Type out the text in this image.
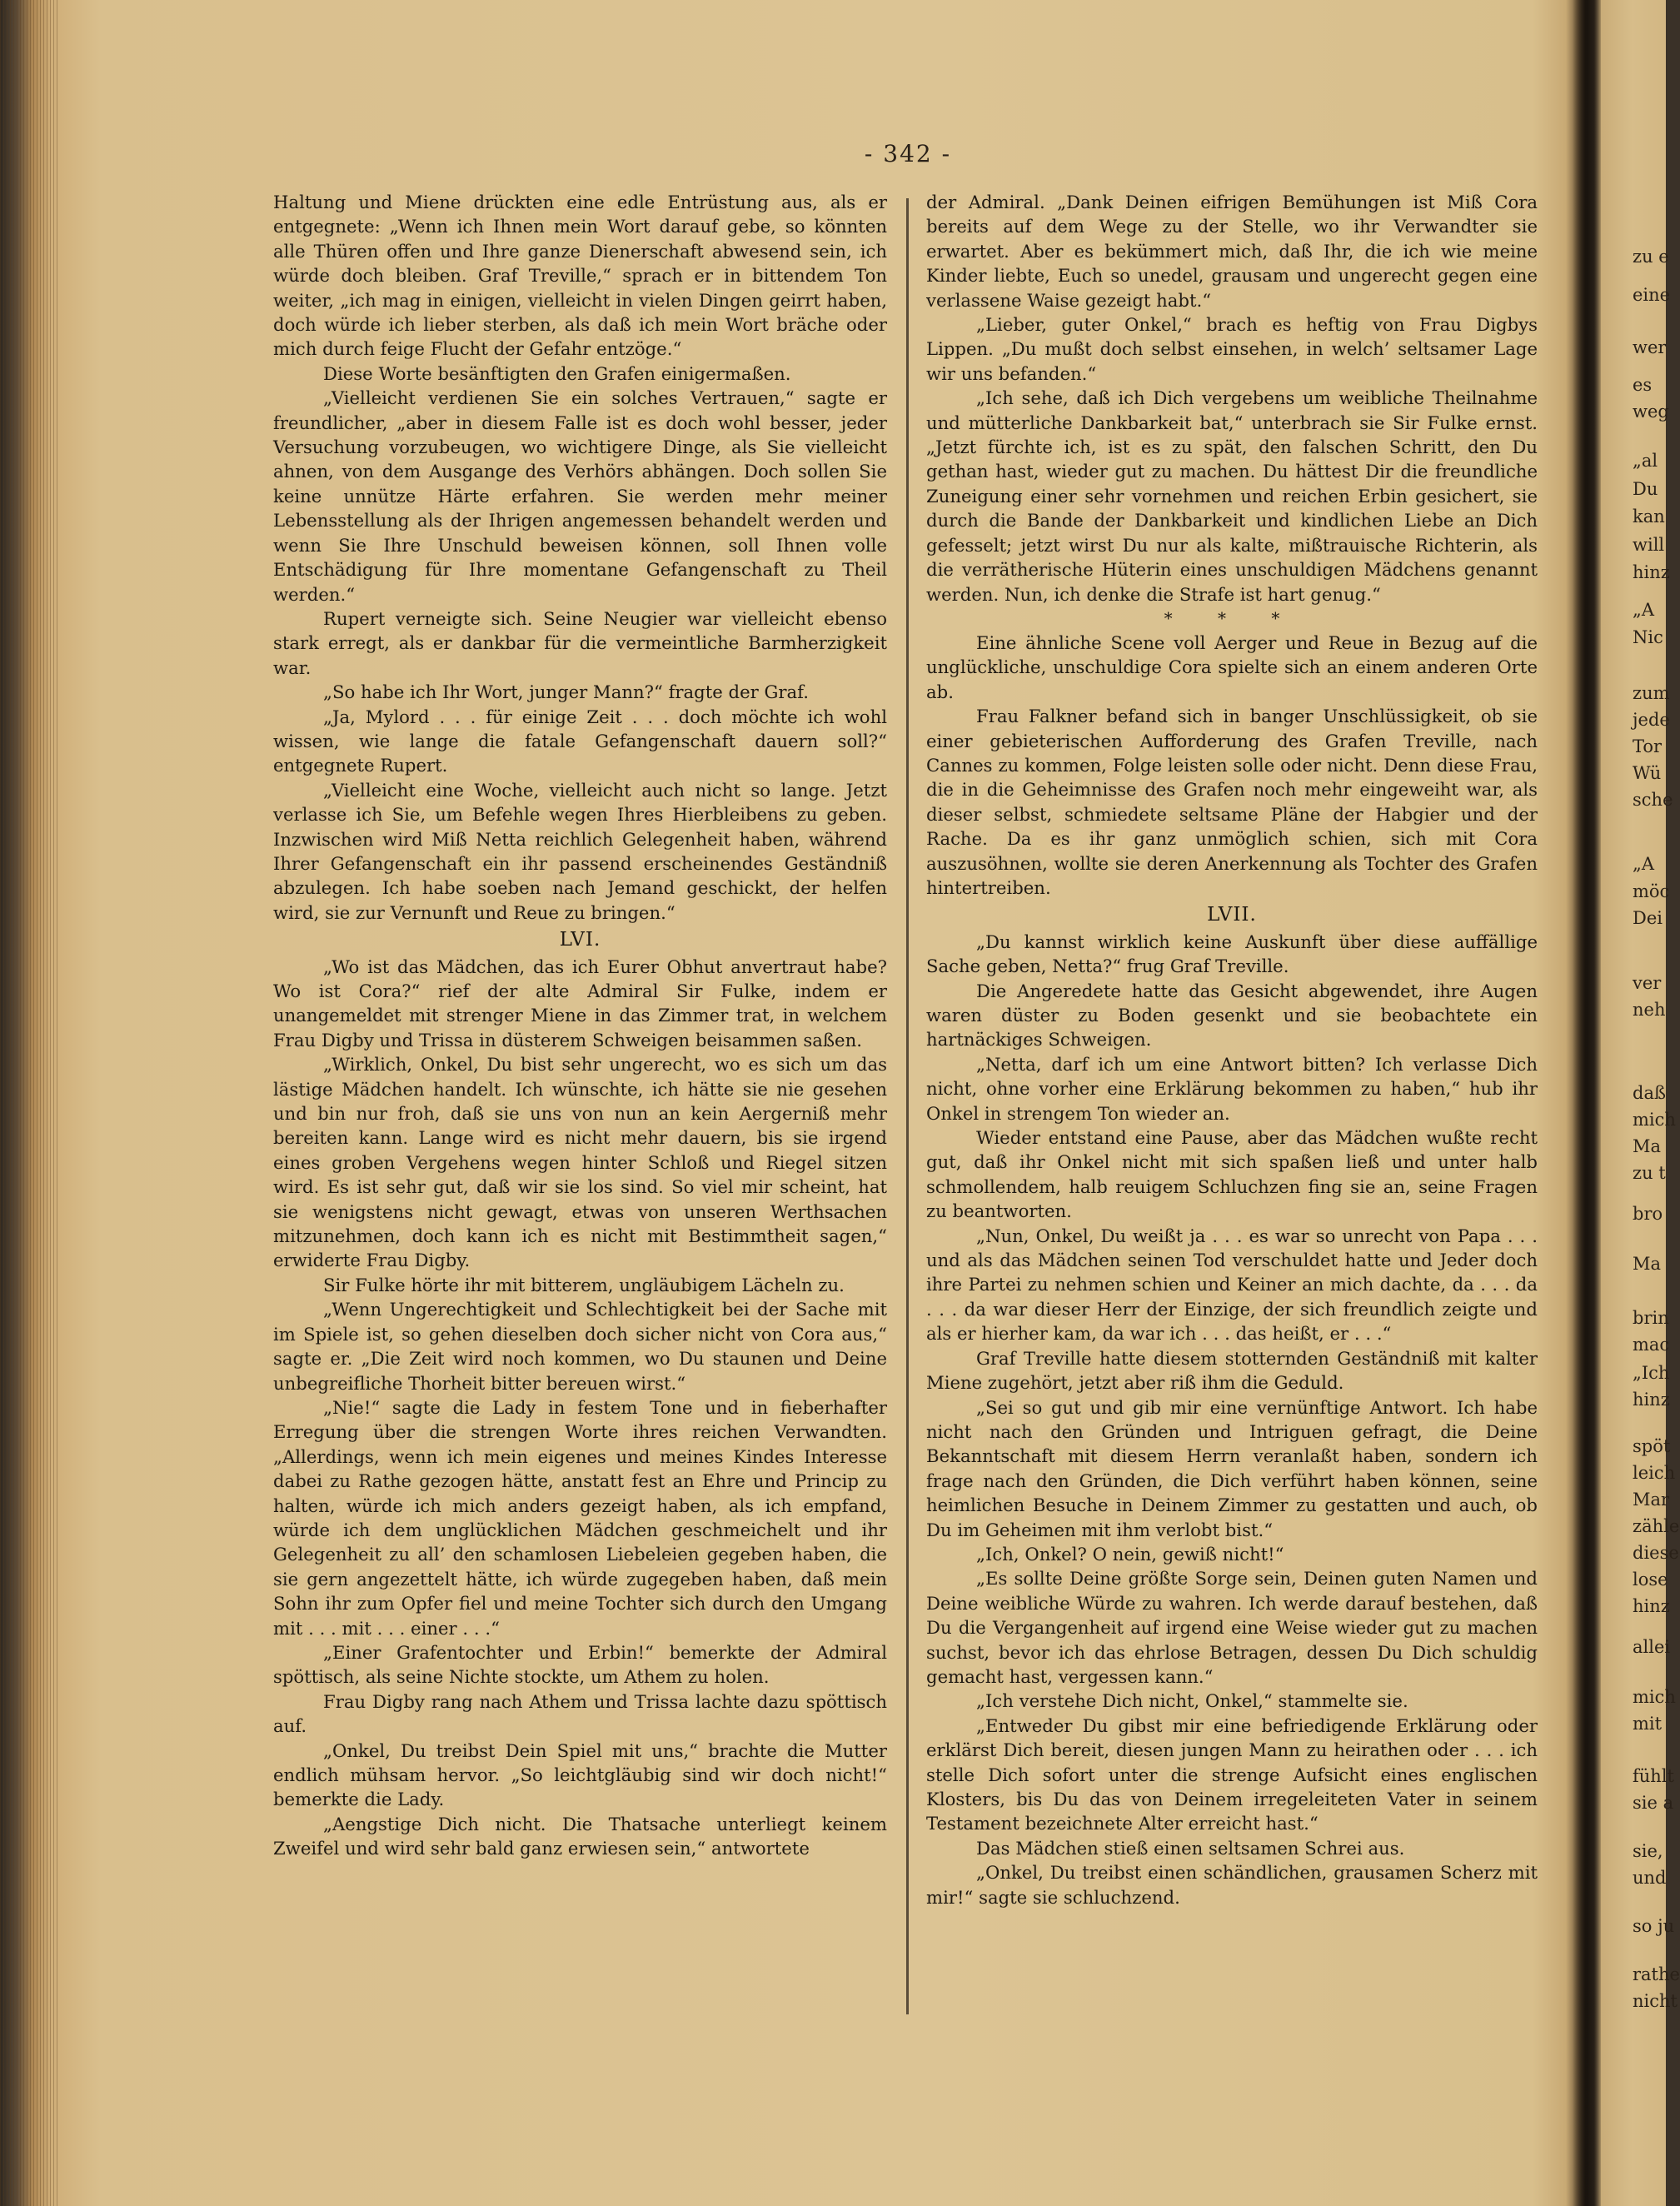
- 342 -

Haltung und Miene drückten eine edle Entrüstung aus, als er entgegnete: „Wenn ich Ihnen mein Wort darauf gebe, so könnten alle Thüren offen und Ihre ganze Dienerschaft abwesend sein, ich würde doch bleiben. Graf Treville,“ sprach er in bittendem Ton weiter, „ich mag in einigen, vielleicht in vielen Dingen geirrt haben, doch würde ich lieber sterben, als daß ich mein Wort bräche oder mich durch feige Flucht der Gefahr entzöge.“

Diese Worte besänftigten den Grafen einigermaßen.

„Vielleicht verdienen Sie ein solches Vertrauen,“ sagte er freundlicher, „aber in diesem Falle ist es doch wohl besser, jeder Versuchung vorzubeugen, wo wichtigere Dinge, als Sie vielleicht ahnen, von dem Ausgange des Verhörs abhängen. Doch sollen Sie keine unnütze Härte erfahren. Sie werden mehr meiner Lebensstellung als der Ihrigen angemessen behandelt werden und wenn Sie Ihre Unschuld beweisen können, soll Ihnen volle Entschädigung für Ihre momentane Gefangenschaft zu Theil werden.“

Rupert verneigte sich. Seine Neugier war vielleicht ebenso stark erregt, als er dankbar für die vermeintliche Barmherzigkeit war.

„So habe ich Ihr Wort, junger Mann?“ fragte der Graf.

„Ja, Mylord . . . für einige Zeit . . . doch möchte ich wohl wissen, wie lange die fatale Gefangenschaft dauern soll?“ entgegnete Rupert.

„Vielleicht eine Woche, vielleicht auch nicht so lange. Jetzt verlasse ich Sie, um Befehle wegen Ihres Hierbleibens zu geben. Inzwischen wird Miß Netta reichlich Gelegenheit haben, während Ihrer Gefangenschaft ein ihr passend erscheinendes Geständniß abzulegen. Ich habe soeben nach Jemand geschickt, der helfen wird, sie zur Vernunft und Reue zu bringen.“

LVI.

„Wo ist das Mädchen, das ich Eurer Obhut anvertraut habe? Wo ist Cora?“ rief der alte Admiral Sir Fulke, indem er unangemeldet mit strenger Miene in das Zimmer trat, in welchem Frau Digby und Trissa in düsterem Schweigen beisammen saßen.

„Wirklich, Onkel, Du bist sehr ungerecht, wo es sich um das lästige Mädchen handelt. Ich wünschte, ich hätte sie nie gesehen und bin nur froh, daß sie uns von nun an kein Aergerniß mehr bereiten kann. Lange wird es nicht mehr dauern, bis sie irgend eines groben Vergehens wegen hinter Schloß und Riegel sitzen wird. Es ist sehr gut, daß wir sie los sind. So viel mir scheint, hat sie wenigstens nicht gewagt, etwas von unseren Werthsachen mitzunehmen, doch kann ich es nicht mit Bestimmtheit sagen,“ erwiderte Frau Digby.

Sir Fulke hörte ihr mit bitterem, ungläubigem Lächeln zu.

„Wenn Ungerechtigkeit und Schlechtigkeit bei der Sache mit im Spiele ist, so gehen dieselben doch sicher nicht von Cora aus,“ sagte er. „Die Zeit wird noch kommen, wo Du staunen und Deine unbegreifliche Thorheit bitter bereuen wirst.“

„Nie!“ sagte die Lady in festem Tone und in fieberhafter Erregung über die strengen Worte ihres reichen Verwandten. „Allerdings, wenn ich mein eigenes und meines Kindes Interesse dabei zu Rathe gezogen hätte, anstatt fest an Ehre und Princip zu halten, würde ich mich anders gezeigt haben, als ich empfand, würde ich dem unglücklichen Mädchen geschmeichelt und ihr Gelegenheit zu all’ den schamlosen Liebeleien gegeben haben, die sie gern angezettelt hätte, ich würde zugegeben haben, daß mein Sohn ihr zum Opfer fiel und meine Tochter sich durch den Umgang mit . . . mit . . . einer . . .“

„Einer Grafentochter und Erbin!“ bemerkte der Admiral spöttisch, als seine Nichte stockte, um Athem zu holen.

Frau Digby rang nach Athem und Trissa lachte dazu spöttisch auf.

„Onkel, Du treibst Dein Spiel mit uns,“ brachte die Mutter endlich mühsam hervor. „So leichtgläubig sind wir doch nicht!“ bemerkte die Lady.

„Aengstige Dich nicht. Die Thatsache unterliegt keinem Zweifel und wird sehr bald ganz erwiesen sein,“ antwortete

der Admiral. „Dank Deinen eifrigen Bemühungen ist Miß Cora bereits auf dem Wege zu der Stelle, wo ihr Verwandter sie erwartet. Aber es bekümmert mich, daß Ihr, die ich wie meine Kinder liebte, Euch so unedel, grausam und ungerecht gegen eine verlassene Waise gezeigt habt.“

„Lieber, guter Onkel,“ brach es heftig von Frau Digbys Lippen. „Du mußt doch selbst einsehen, in welch’ seltsamer Lage wir uns befanden.“

„Ich sehe, daß ich Dich vergebens um weibliche Theilnahme und mütterliche Dankbarkeit bat,“ unterbrach sie Sir Fulke ernst. „Jetzt fürchte ich, ist es zu spät, den falschen Schritt, den Du gethan hast, wieder gut zu machen. Du hättest Dir die freundliche Zuneigung einer sehr vornehmen und reichen Erbin gesichert, sie durch die Bande der Dankbarkeit und kindlichen Liebe an Dich gefesselt; jetzt wirst Du nur als kalte, mißtrauische Richterin, als die verrätherische Hüterin eines unschuldigen Mädchens genannt werden. Nun, ich denke die Strafe ist hart genug.“

* * *

Eine ähnliche Scene voll Aerger und Reue in Bezug auf die unglückliche, unschuldige Cora spielte sich an einem anderen Orte ab.

Frau Falkner befand sich in banger Unschlüssigkeit, ob sie einer gebieterischen Aufforderung des Grafen Treville, nach Cannes zu kommen, Folge leisten solle oder nicht. Denn diese Frau, die in die Geheimnisse des Grafen noch mehr eingeweiht war, als dieser selbst, schmiedete seltsame Pläne der Habgier und der Rache. Da es ihr ganz unmöglich schien, sich mit Cora auszusöhnen, wollte sie deren Anerkennung als Tochter des Grafen hintertreiben.

LVII.

„Du kannst wirklich keine Auskunft über diese auffällige Sache geben, Netta?“ frug Graf Treville.

Die Angeredete hatte das Gesicht abgewendet, ihre Augen waren düster zu Boden gesenkt und sie beobachtete ein hartnäckiges Schweigen.

„Netta, darf ich um eine Antwort bitten? Ich verlasse Dich nicht, ohne vorher eine Erklärung bekommen zu haben,“ hub ihr Onkel in strengem Ton wieder an.

Wieder entstand eine Pause, aber das Mädchen wußte recht gut, daß ihr Onkel nicht mit sich spaßen ließ und unter halb schmollendem, halb reuigem Schluchzen fing sie an, seine Fragen zu beantworten.

„Nun, Onkel, Du weißt ja . . . es war so unrecht von Papa . . . und als das Mädchen seinen Tod verschuldet hatte und Jeder doch ihre Partei zu nehmen schien und Keiner an mich dachte, da . . . da . . . da war dieser Herr der Einzige, der sich freundlich zeigte und als er hierher kam, da war ich . . . das heißt, er . . .“

Graf Treville hatte diesem stotternden Geständniß mit kalter Miene zugehört, jetzt aber riß ihm die Geduld.

„Sei so gut und gib mir eine vernünftige Antwort. Ich habe nicht nach den Gründen und Intriguen gefragt, die Deine Bekanntschaft mit diesem Herrn veranlaßt haben, sondern ich frage nach den Gründen, die Dich verführt haben können, seine heimlichen Besuche in Deinem Zimmer zu gestatten und auch, ob Du im Geheimen mit ihm verlobt bist.“

„Ich, Onkel? O nein, gewiß nicht!“

„Es sollte Deine größte Sorge sein, Deinen guten Namen und Deine weibliche Würde zu wahren. Ich werde darauf bestehen, daß Du die Vergangenheit auf irgend eine Weise wieder gut zu machen suchst, bevor ich das ehrlose Betragen, dessen Du Dich schuldig gemacht hast, vergessen kann.“

„Ich verstehe Dich nicht, Onkel,“ stammelte sie.

„Entweder Du gibst mir eine befriedigende Erklärung oder erklärst Dich bereit, diesen jungen Mann zu heirathen oder . . . ich stelle Dich sofort unter die strenge Aufsicht eines englischen Klosters, bis Du das von Deinem irregeleiteten Vater in seinem Testament bezeichnete Alter erreicht hast.“

Das Mädchen stieß einen seltsamen Schrei aus.

„Onkel, Du treibst einen schändlichen, grausamen Scherz mit mir!“ sagte sie schluchzend.

zu e
eine
wer
es
weg
„al
Du
kan
will
hinz
„A
Nic
zum
jede
Tor
Wü
sche
„A
möc
Dei
ver
neh
daß
mich
Ma
zu t
bro
Ma
brin
mac
„Ich
hinz
spöt
leich
Mar
zähle
diese
lose
hinz
allei
mich
mit
fühlt
sie a
sie,
und
so ju
rathe
nicht
